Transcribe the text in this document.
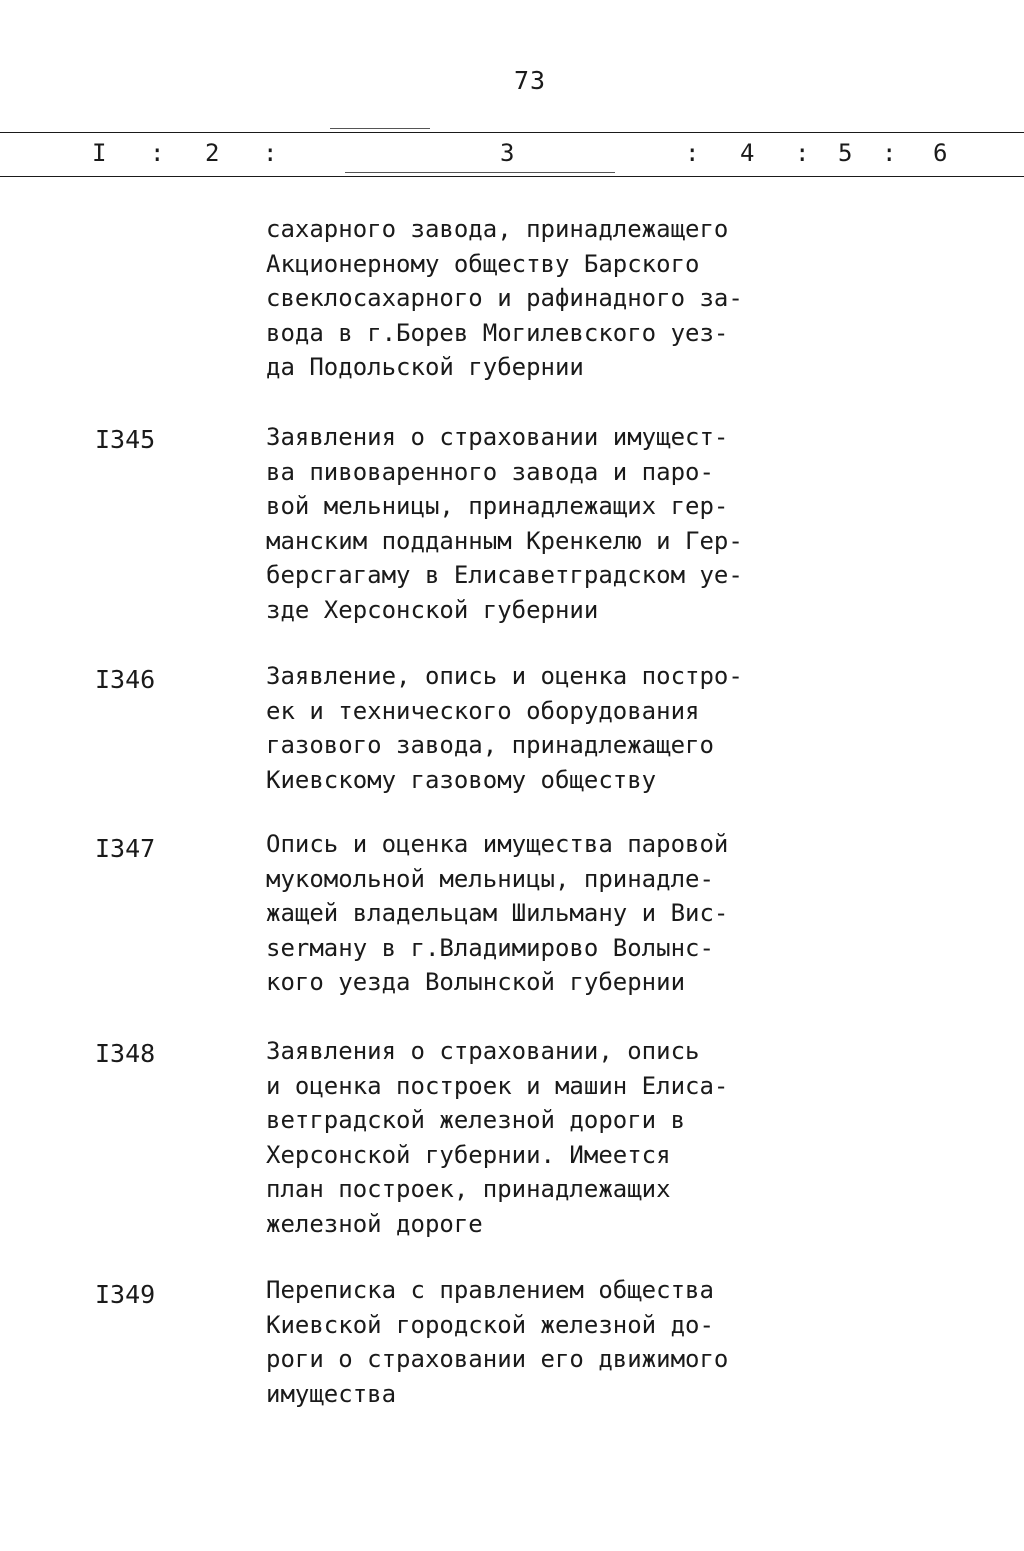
73
I : 2 :	3	: 4 : 5 : 6
сахарного завода, принадлежащего
Акционерному обществу Барского
свеклосахарного и рафинадного за-
вода в г.Борев Могилевского уез-
да Подольской губернии
I345	Заявления о страховании имущест-
ва пивоваренного завода и паро-
вой мельницы, принадлежащих гер-
манским подданным Кренкелю и Гер-
берсгагаму в Елисаветградском уе-
зде Херсонской губернии
I346	Заявление, опись и оценка постро-
ек и технического оборудования
газового завода, принадлежащего
Киевскому газовому обществу
I347	Опись и оценка имущества паровой
мукомольной мельницы, принадле-
жащей владельцам Шильману и Вис-
serману в г.Владимирово Волынс-
кого уезда Волынской губернии
I348	Заявления о страховании, опись
и оценка построек и машин Елиса-
ветградской железной дороги в
Херсонской губернии. Имеется
план построек, принадлежащих
железной дороге
I349	Переписка с правлением общества
Киевской городской железной до-
роги о страховании его движимого
имущества
